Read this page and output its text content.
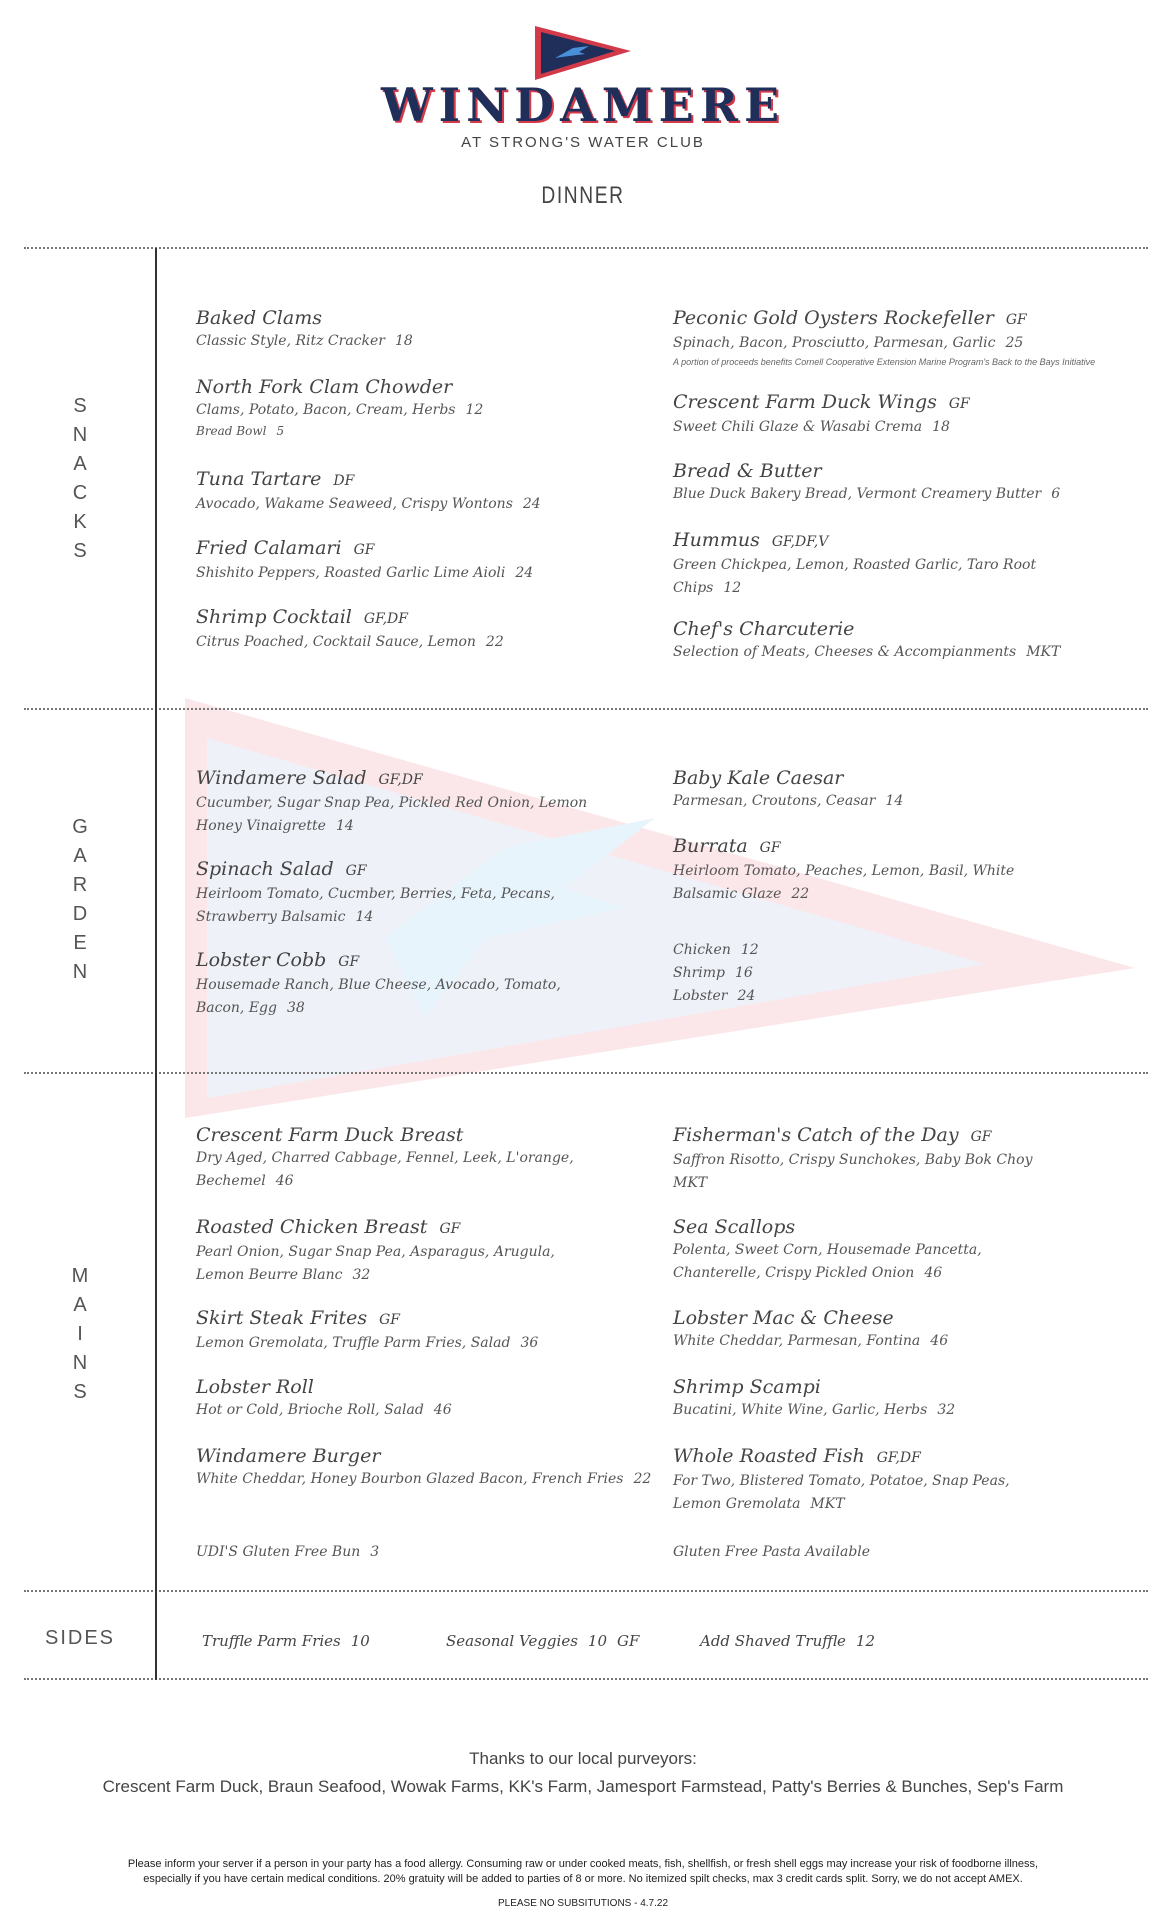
WINDAMERE
AT STRONG'S WATER CLUB
DINNER
S
N
A
C
K
S
G
A
R
D
E
N
M
A
I
N
S
SIDES
Baked Clams
Classic Style, Ritz Cracker 18
North Fork Clam Chowder
Clams, Potato, Bacon, Cream, Herbs 12
Bread Bowl 5
Tuna Tartare DF
Avocado, Wakame Seaweed, Crispy Wontons 24
Fried Calamari GF
Shishito Peppers, Roasted Garlic Lime Aioli 24
Shrimp Cocktail GF,DF
Citrus Poached, Cocktail Sauce, Lemon 22
Peconic Gold Oysters Rockefeller GF
Spinach, Bacon, Prosciutto, Parmesan, Garlic 25
A portion of proceeds benefits Cornell Cooperative Extension Marine Program's Back to the Bays Initiative
Crescent Farm Duck Wings GF
Sweet Chili Glaze & Wasabi Crema 18
Bread & Butter
Blue Duck Bakery Bread, Vermont Creamery Butter 6
Hummus GF,DF,V
Green Chickpea, Lemon, Roasted Garlic, Taro Root
Chips 12
Chef's Charcuterie
Selection of Meats, Cheeses & Accompianments MKT
Windamere Salad GF,DF
Cucumber, Sugar Snap Pea, Pickled Red Onion, Lemon
Honey Vinaigrette 14
Spinach Salad GF
Heirloom Tomato, Cucmber, Berries, Feta, Pecans,
Strawberry Balsamic 14
Lobster Cobb GF
Housemade Ranch, Blue Cheese, Avocado, Tomato,
Bacon, Egg 38
Baby Kale Caesar
Parmesan, Croutons, Ceasar 14
Burrata GF
Heirloom Tomato, Peaches, Lemon, Basil, White
Balsamic Glaze 22
Chicken 12
Shrimp 16
Lobster 24
Crescent Farm Duck Breast
Dry Aged, Charred Cabbage, Fennel, Leek, L'orange,
Bechemel 46
Roasted Chicken Breast GF
Pearl Onion, Sugar Snap Pea, Asparagus, Arugula,
Lemon Beurre Blanc 32
Skirt Steak Frites GF
Lemon Gremolata, Truffle Parm Fries, Salad 36
Lobster Roll
Hot or Cold, Brioche Roll, Salad 46
Windamere Burger
White Cheddar, Honey Bourbon Glazed Bacon, French Fries 22
UDI'S Gluten Free Bun 3
Fisherman's Catch of the Day GF
Saffron Risotto, Crispy Sunchokes, Baby Bok Choy
MKT
Sea Scallops
Polenta, Sweet Corn, Housemade Pancetta,
Chanterelle, Crispy Pickled Onion 46
Lobster Mac & Cheese
White Cheddar, Parmesan, Fontina 46
Shrimp Scampi
Bucatini, White Wine, Garlic, Herbs 32
Whole Roasted Fish GF,DF
For Two, Blistered Tomato, Potatoe, Snap Peas,
Lemon Gremolata MKT
Gluten Free Pasta Available
Truffle Parm Fries 10	Seasonal Veggies 10 GF	Add Shaved Truffle 12
Thanks to our local purveyors:
Crescent Farm Duck, Braun Seafood, Wowak Farms, KK's Farm, Jamesport Farmstead, Patty's Berries & Bunches, Sep's Farm
Please inform your server if a person in your party has a food allergy. Consuming raw or under cooked meats, fish, shellfish, or fresh shell eggs may increase your risk of foodborne illness,
especially if you have certain medical conditions. 20% gratuity will be added to parties of 8 or more. No itemized spilt checks, max 3 credit cards split. Sorry, we do not accept AMEX.
PLEASE NO SUBSITUTIONS - 4.7.22
